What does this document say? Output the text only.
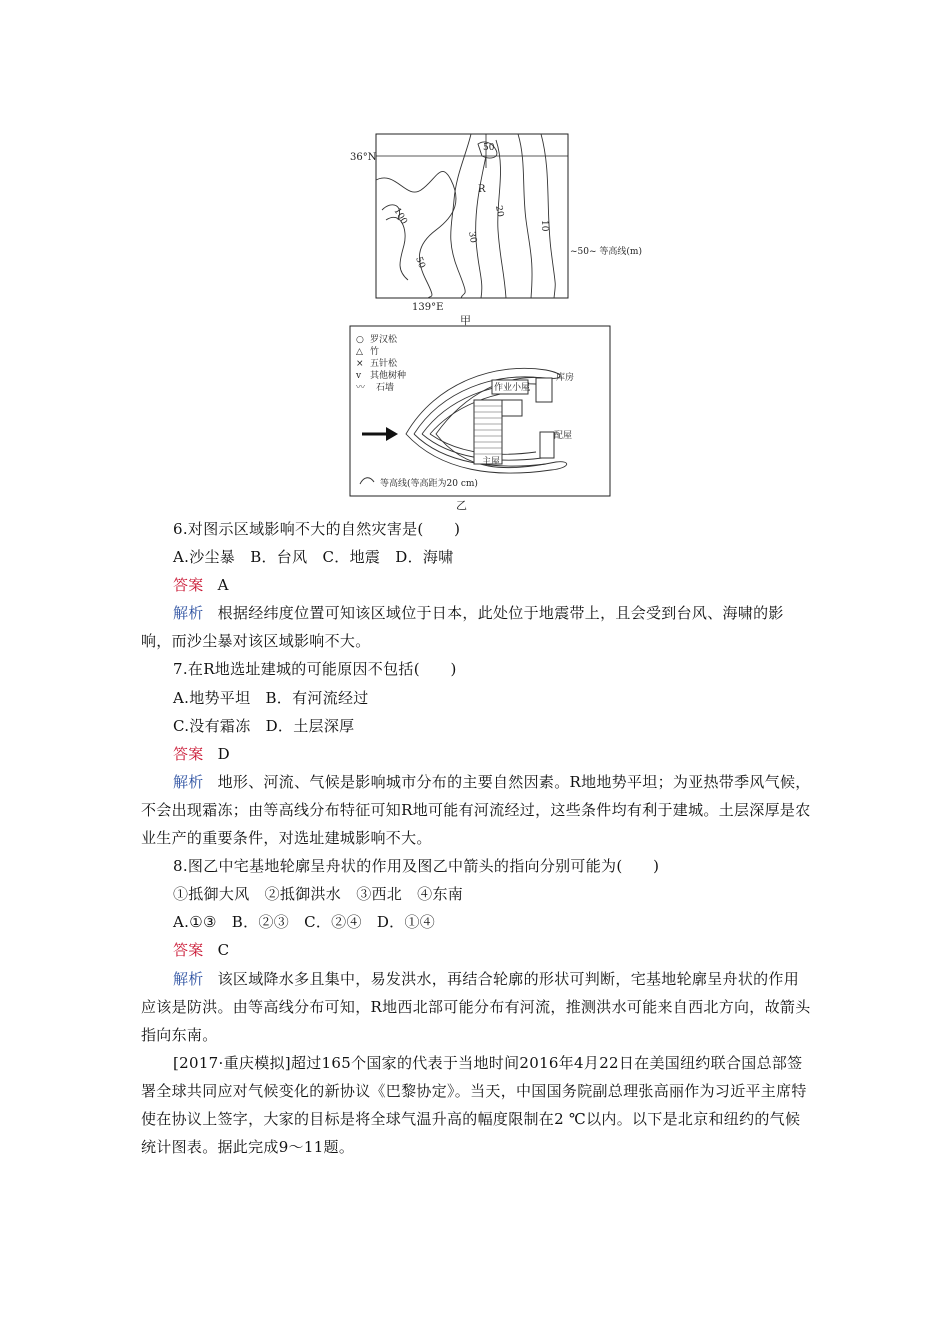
36°N
139°E
R
50
20
30
10
100
50
~50~ 等高线(m)
甲
○ 罗汉松
△ 竹
× 五针松
v 其他树种
〰 石墙	作业小屋
库房
配屋
主屋
等高线(等高距为20 cm)
乙
6.对图示区域影响不大的自然灾害是(　　)
A.沙尘暴 B．台风 C．地震 D．海啸
答案 A
解析 根据经纬度位置可知该区域位于日本，此处位于地震带上，且会受到台风、海啸的影响，而沙尘暴对该区域影响不大。
7.在R地选址建城的可能原因不包括(　　)
A.地势平坦 B．有河流经过
C.没有霜冻 D．土层深厚
答案 D
解析 地形、河流、气候是影响城市分布的主要自然因素。R地地势平坦；为亚热带季风气候，不会出现霜冻；由等高线分布特征可知R地可能有河流经过，这些条件均有利于建城。土层深厚是农业生产的重要条件，对选址建城影响不大。
8.图乙中宅基地轮廓呈舟状的作用及图乙中箭头的指向分别可能为(　　)
①抵御大风 ②抵御洪水 ③西北 ④东南
A.①③ B．②③ C．②④ D．①④
答案 C
解析 该区域降水多且集中，易发洪水，再结合轮廓的形状可判断，宅基地轮廓呈舟状的作用应该是防洪。由等高线分布可知，R地西北部可能分布有河流，推测洪水可能来自西北方向，故箭头指向东南。
[2017·重庆模拟]超过165个国家的代表于当地时间2016年4月22日在美国纽约联合国总部签署全球共同应对气候变化的新协议《巴黎协定》。当天，中国国务院副总理张高丽作为习近平主席特使在协议上签字，大家的目标是将全球气温升高的幅度限制在2 ℃以内。以下是北京和纽约的气候统计图表。据此完成9～11题。
